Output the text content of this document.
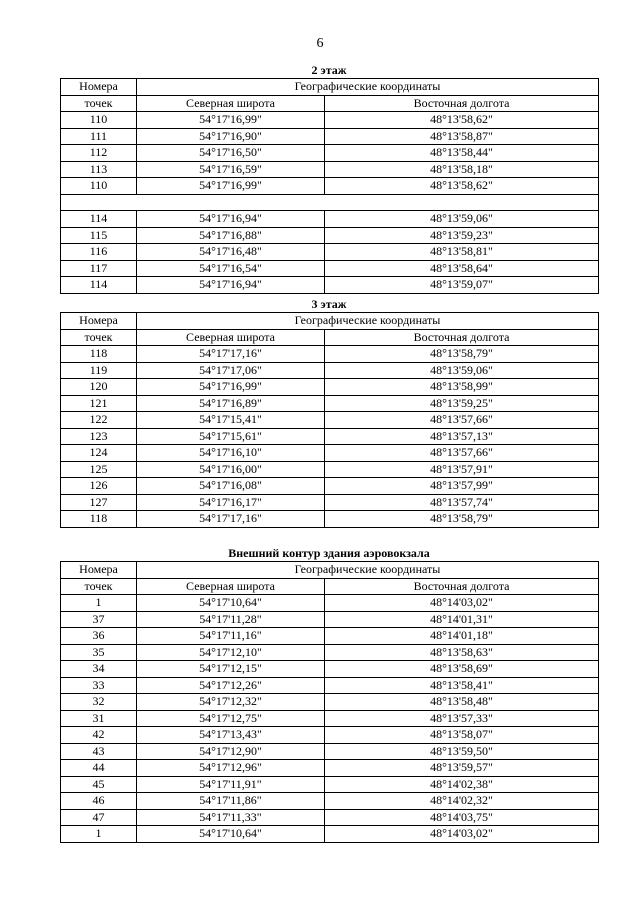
6
2 этаж
Номера	Географические координаты	
точек	Северная широта	Восточная долгота
110	54°17'16,99"	48°13'58,62"
111	54°17'16,90"	48°13'58,87"
112	54°17'16,50"	48°13'58,44"
113	54°17'16,59"	48°13'58,18"
110	54°17'16,99"	48°13'58,62"

114	54°17'16,94"	48°13'59,06"
115	54°17'16,88"	48°13'59,23"
116	54°17'16,48"	48°13'58,81"
117	54°17'16,54"	48°13'58,64"
114	54°17'16,94"	48°13'59,07"
3 этаж
Номера	Географические координаты	
точек	Северная широта	Восточная долгота
118	54°17'17,16"	48°13'58,79"
119	54°17'17,06"	48°13'59,06"
120	54°17'16,99"	48°13'58,99"
121	54°17'16,89"	48°13'59,25"
122	54°17'15,41"	48°13'57,66"
123	54°17'15,61"	48°13'57,13"
124	54°17'16,10"	48°13'57,66"
125	54°17'16,00"	48°13'57,91"
126	54°17'16,08"	48°13'57,99"
127	54°17'16,17"	48°13'57,74"
118	54°17'17,16"	48°13'58,79"
Внешний контур здания аэровокзала
Номера	Географические координаты	
точек	Северная широта	Восточная долгота
1	54°17'10,64"	48°14'03,02"
37	54°17'11,28"	48°14'01,31"
36	54°17'11,16"	48°14'01,18"
35	54°17'12,10"	48°13'58,63"
34	54°17'12,15"	48°13'58,69"
33	54°17'12,26"	48°13'58,41"
32	54°17'12,32"	48°13'58,48"
31	54°17'12,75"	48°13'57,33"
42	54°17'13,43"	48°13'58,07"
43	54°17'12,90"	48°13'59,50"
44	54°17'12,96"	48°13'59,57"
45	54°17'11,91"	48°14'02,38"
46	54°17'11,86"	48°14'02,32"
47	54°17'11,33"	48°14'03,75"
1	54°17'10,64"	48°14'03,02"
